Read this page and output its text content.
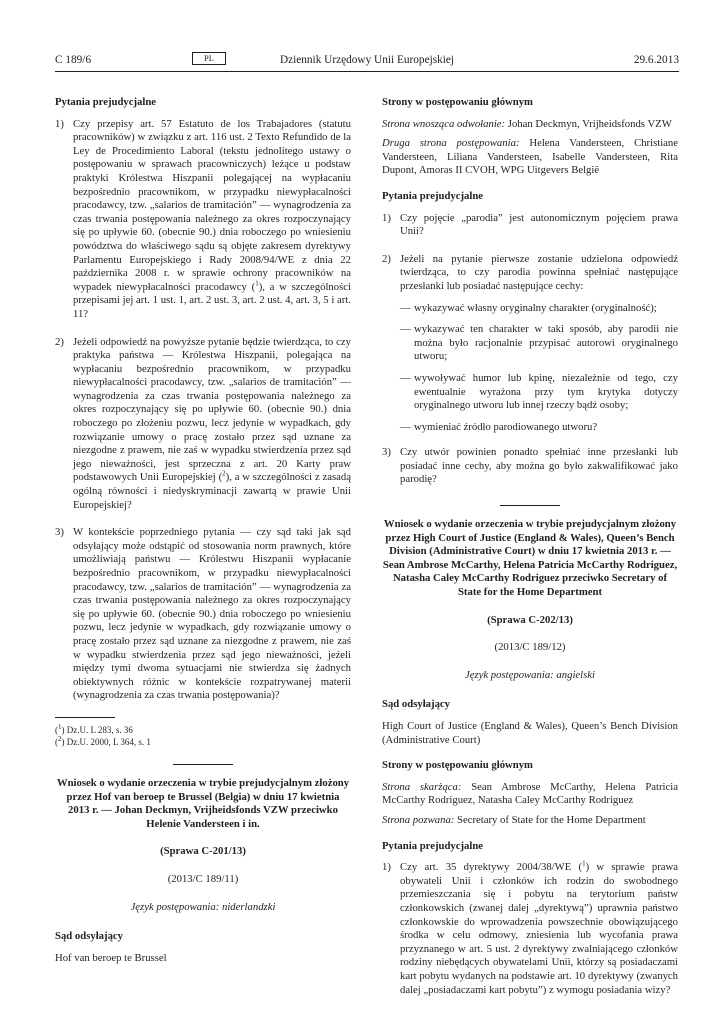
C 189/6	PL	Dziennik Urzędowy Unii Europejskiej	29.6.2013
Pytania prejudycjalne
1) Czy przepisy art. 57 Estatuto de los Trabajadores (statutu pracowników) w związku z art. 116 ust. 2 Texto Refundido de la Ley de Procedimiento Laboral (tekstu jednolitego ustawy o postępowaniu w sprawach pracowniczych) leżące u podstaw praktyki Królestwa Hiszpanii polegającej na wypłacaniu bezpośrednio pracownikom, w przypadku niewypłacalności pracodawcy, tzw. „salarios de tramitación” — wynagrodzenia za czas trwania postępowania należnego za okres rozpoczynający się po upływie 60. (obecnie 90.) dnia roboczego po wniesieniu powództwa do właściwego sądu są objęte zakresem dyrektywy Parlamentu Europejskiego i Rady 2008/94/WE z dnia 22 października 2008 r. w sprawie ochrony pracowników na wypadek niewypłacalności pracodawcy ($^1$), a w szczególności przepisami jej art. 1 ust. 1, art. 2 ust. 3, art. 2 ust. 4, art. 3, 5 i art. 11?
2) Jeżeli odpowiedź na powyższe pytanie będzie twierdząca, to czy praktyka państwa — Królestwa Hiszpanii, polegająca na wypłacaniu bezpośrednio pracownikom, w przypadku niewypłacalności pracodawcy, tzw. „salarios de tramitación” — wynagrodzenia za czas trwania postępowania należnego za okres rozpoczynający się po upływie 60. (obecnie 90.) dnia roboczego po złożeniu pozwu, lecz jedynie w wypadkach, gdy rozwiązanie umowy o pracę zostało przez sąd uznane za niezgodne z prawem, nie zaś w wypadku stwierdzenia przez sąd jego nieważności, jest sprzeczna z art. 20 Karty praw podstawowych Unii Europejskiej ($^2$), a w szczególności z zasadą ogólną równości i niedyskryminacji zawartą w prawie Unii Europejskiej?
3) W kontekście poprzedniego pytania — czy sąd taki jak sąd odsyłający może odstąpić od stosowania norm prawnych, które umożliwiają państwu — Królestwu Hiszpanii wypłacanie bezpośrednio pracownikom, w przypadku niewypłacalności pracodawcy, tzw. „salarios de tramitación” — wynagrodzenia za czas trwania postępowania należnego za okres rozpoczynający się po upływie 60. (obecnie 90.) dnia roboczego po wniesieniu pozwu, lecz jedynie w wypadkach, gdy rozwiązanie umowy o pracę zostało przez sąd uznane za niezgodne z prawem, nie zaś w wypadku stwierdzenia przez sąd jego nieważności, jeżeli między tymi dwoma sytuacjami nie stwierdza się żadnych obiektywnych różnic w kontekście rozpatrywanej materii (wynagrodzenia za czas trwania postępowania)?
($^1$) Dz.U. L 283, s. 36
($^2$) Dz.U. 2000, L 364, s. 1
Wniosek o wydanie orzeczenia w trybie prejudycjalnym złożony przez Hof van beroep te Brussel (Belgia) w dniu 17 kwietnia 2013 r. — Johan Deckmyn, Vrijheidsfonds VZW przeciwko Helenie Vandersteen i in.
(Sprawa C-201/13)
(2013/C 189/11)
Język postępowania: niderlandzki
Sąd odsyłający
Hof van beroep te Brussel
Strony w postępowaniu głównym
Strona wnosząca odwołanie: Johan Deckmyn, Vrijheidsfonds VZW
Druga strona postępowania: Helena Vandersteen, Christiane Vandersteen, Liliana Vandersteen, Isabelle Vandersteen, Rita Dupont, Amoras II CVOH, WPG Uitgevers België
Pytania prejudycjalne
1) Czy pojęcie „parodia” jest autonomicznym pojęciem prawa Unii?
2) Jeżeli na pytanie pierwsze zostanie udzielona odpowiedź twierdząca, to czy parodia powinna spełniać następujące przesłanki lub posiadać następujące cechy:
— wykazywać własny oryginalny charakter (oryginalność);
— wykazywać ten charakter w taki sposób, aby parodii nie można było racjonalnie przypisać autorowi oryginalnego utworu;
— wywoływać humor lub kpinę, niezależnie od tego, czy ewentualnie wyrażona przy tym krytyka dotyczy oryginalnego utworu lub innej rzeczy bądź osoby;
— wymieniać źródło parodiowanego utworu?
3) Czy utwór powinien ponadto spełniać inne przesłanki lub posiadać inne cechy, aby można go było zakwalifikować jako parodię?
Wniosek o wydanie orzeczenia w trybie prejudycjalnym złożony przez High Court of Justice (England & Wales), Queen’s Bench Division (Administrative Court) w dniu 17 kwietnia 2013 r. — Sean Ambrose McCarthy, Helena Patricia McCarthy Rodriguez, Natasha Caley McCarthy Rodriguez przeciwko Secretary of State for the Home Department
(Sprawa C-202/13)
(2013/C 189/12)
Język postępowania: angielski
Sąd odsyłający
High Court of Justice (England & Wales), Queen’s Bench Division (Administrative Court)
Strony w postępowaniu głównym
Strona skarżąca: Sean Ambrose McCarthy, Helena Patricia McCarthy Rodriguez, Natasha Caley McCarthy Rodriguez
Strona pozwana: Secretary of State for the Home Department
Pytania prejudycjalne
1) Czy art. 35 dyrektywy 2004/38/WE ($^1$) w sprawie prawa obywateli Unii i członków ich rodzin do swobodnego przemieszczania się i pobytu na terytorium państw członkowskich (zwanej dalej „dyrektywą”) uprawnia państwo członkowskie do wprowadzenia powszechnie obowiązującego środka w celu odmowy, zniesienia lub wycofania prawa przyznanego w art. 5 ust. 2 dyrektywy zwalniającego członków rodziny niebędących obywatelami Unii, którzy są posiadaczami kart pobytu wydanych na podstawie art. 10 dyrektywy (zwanych dalej „posiadaczami kart pobytu”) z wymogu posiadania wizy?
